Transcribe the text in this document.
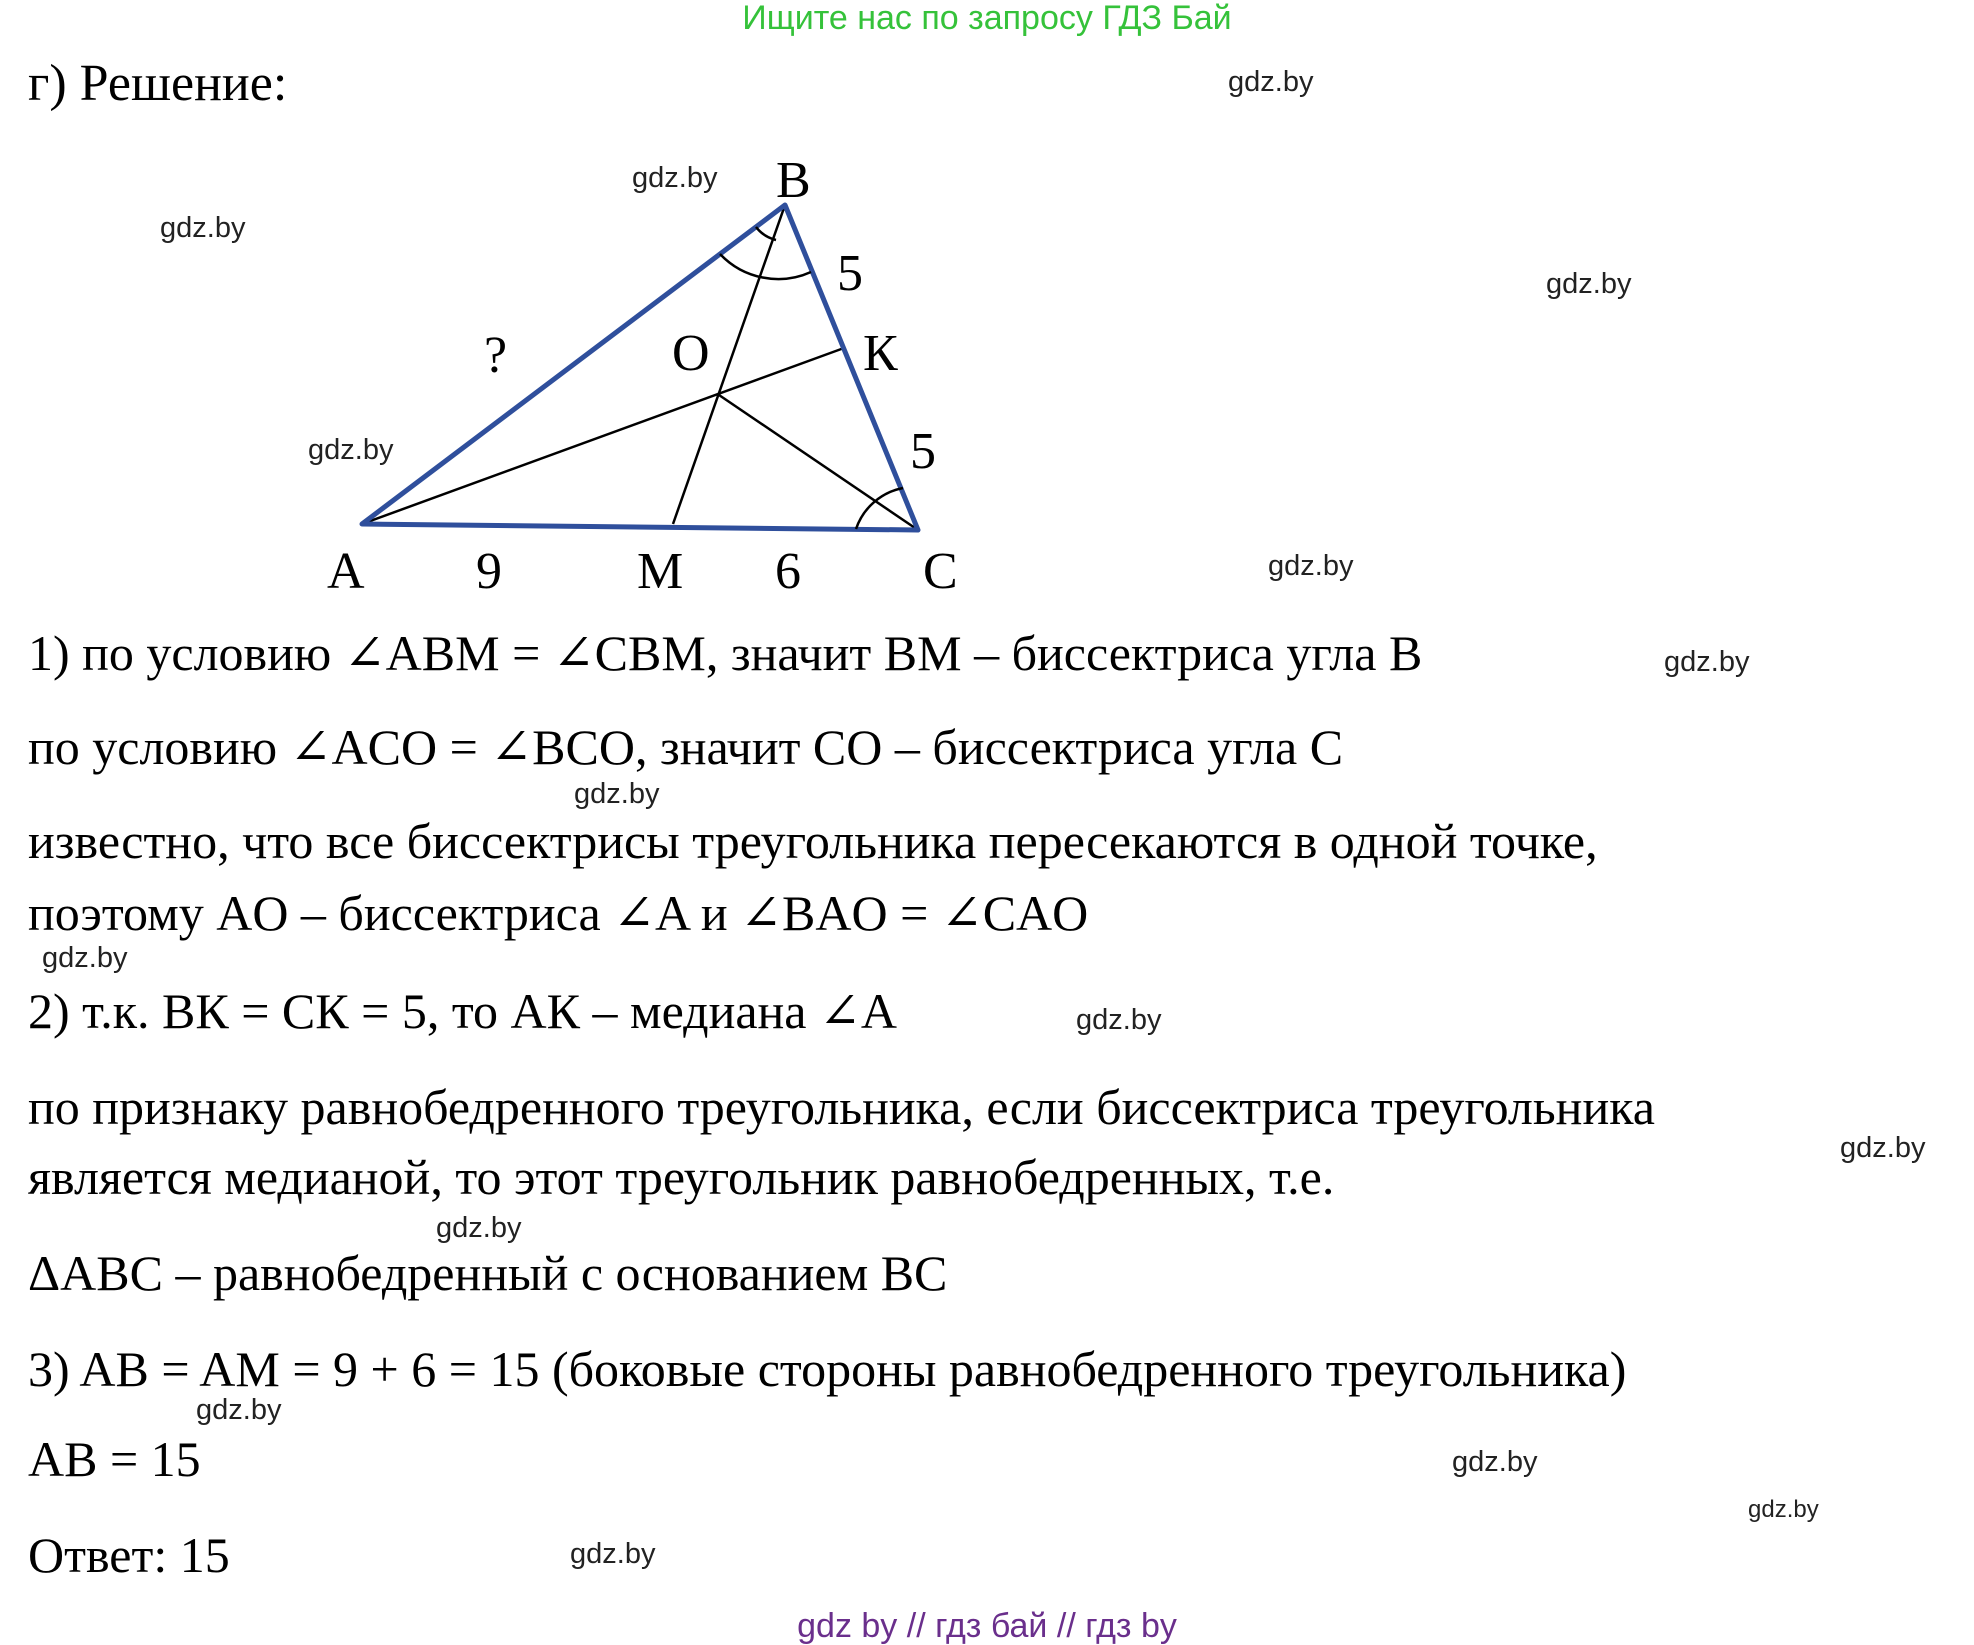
Ищите нас по запросу ГДЗ Бай
г) Решение:
B
A	M	C
O	К
9	6
5
5
?
1) по условию ∠ABM = ∠CBM, значит BM – биссектриса угла B
по условию ∠ACO = ∠BCO, значит CO – биссектриса угла C
известно, что все биссектрисы треугольника пересекаются в одной точке,
поэтому AO – биссектриса ∠A и ∠BAO = ∠CAO
2) т.к. BК = CК = 5, то AК – медиана ∠A
по признаку равнобедренного треугольника, если биссектриса треугольника
является медианой, то этот треугольник равнобедренных, т.е.
ΔABC – равнобедренный с основанием BC
3) AB = AM = 9 + 6 = 15 (боковые стороны равнобедренного треугольника)
AB = 15
Ответ: 15
gdz.by
gdz.by
gdz.by
gdz.by
gdz.by
gdz.by
gdz.by
gdz.by
gdz.by
gdz.by
gdz.by
gdz.by
gdz.by
gdz.by
gdz.by
gdz.by
gdz by // гдз бай // гдз by
